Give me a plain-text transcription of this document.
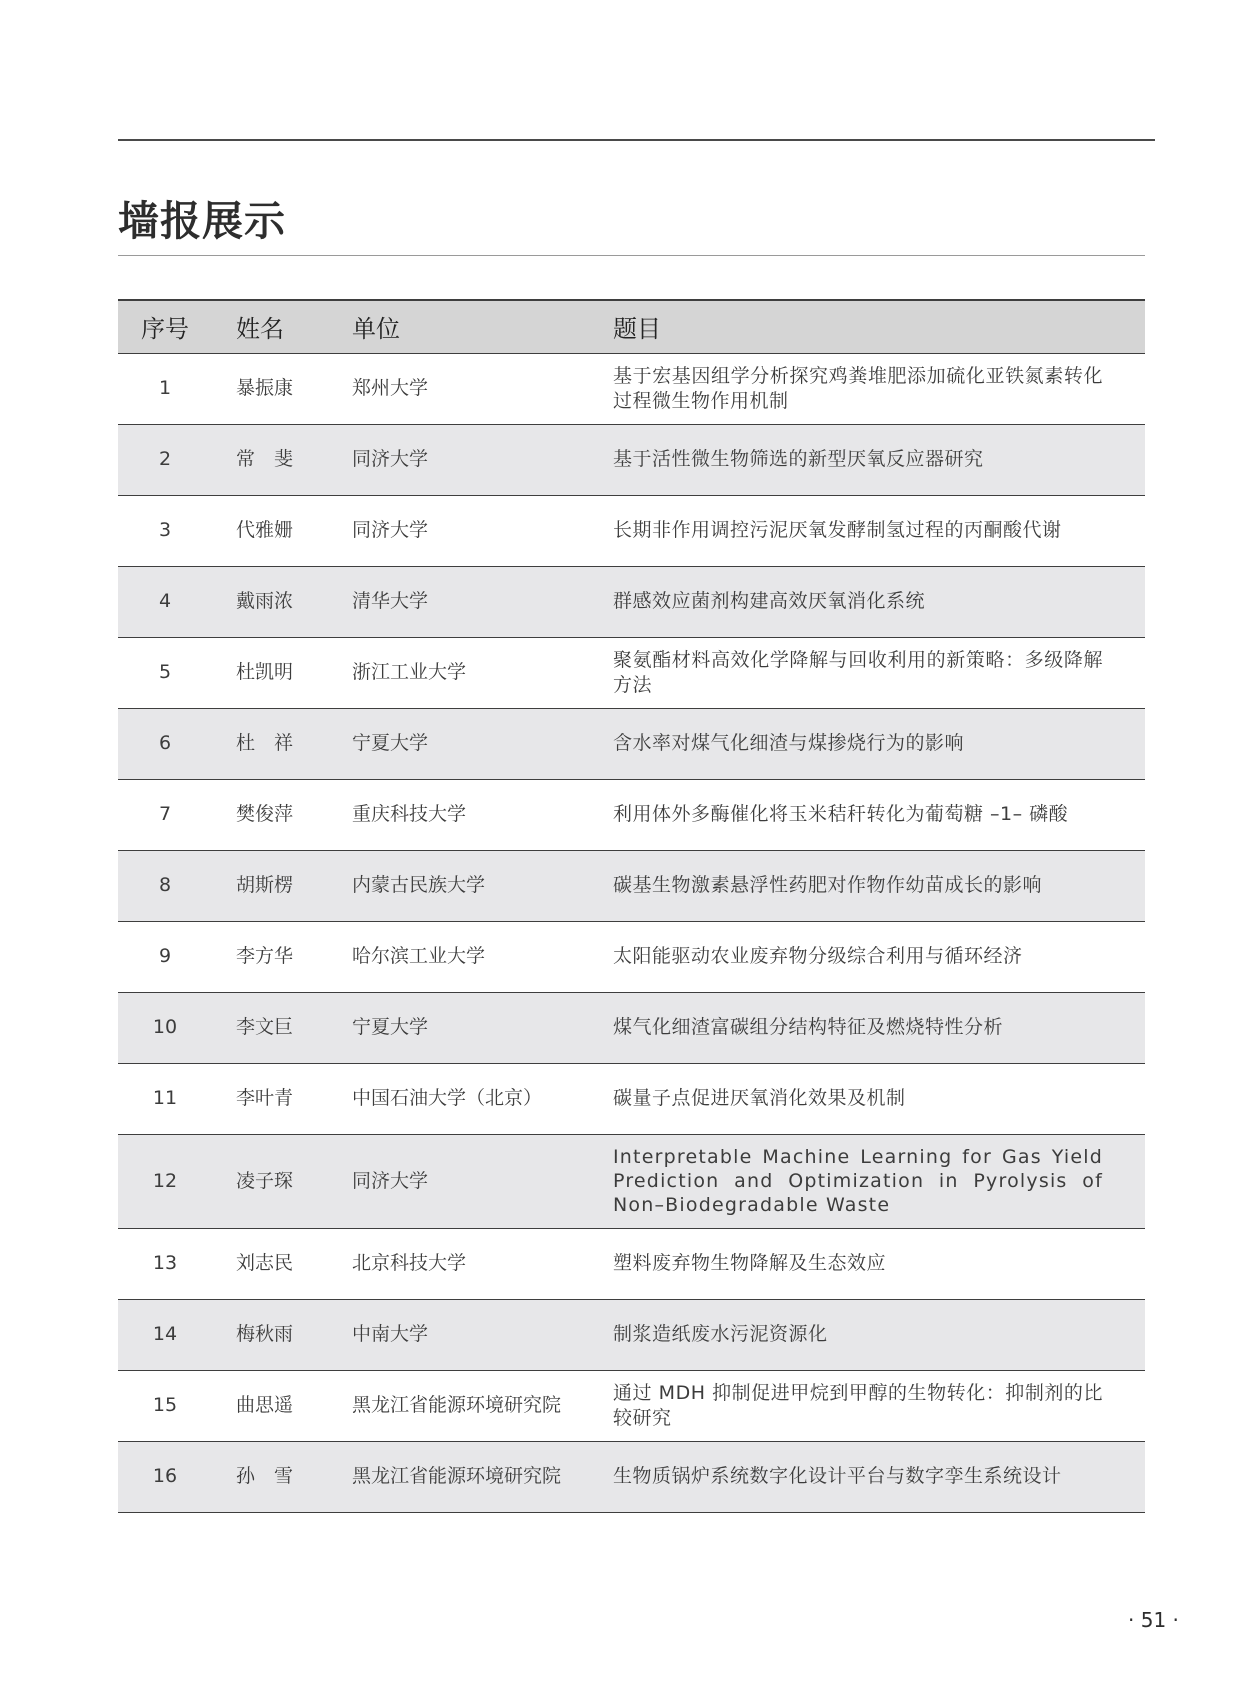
墙报展示
序号	姓名	单位	题目
1	暴振康	郑州大学	基于宏基因组学分析探究鸡粪堆肥添加硫化亚铁氮素转化过程微生物作用机制

2	常　斐	同济大学	基于活性微生物筛选的新型厌氧反应器研究

3	代雅姗	同济大学	长期非作用调控污泥厌氧发酵制氢过程的丙酮酸代谢

4	戴雨浓	清华大学	群感效应菌剂构建高效厌氧消化系统

5	杜凯明	浙江工业大学	聚氨酯材料高效化学降解与回收利用的新策略：多级降解方法

6	杜　祥	宁夏大学	含水率对煤气化细渣与煤掺烧行为的影响

7	樊俊萍	重庆科技大学	利用体外多酶催化将玉米秸秆转化为葡萄糖 –1– 磷酸

8	胡斯楞	内蒙古民族大学	碳基生物激素悬浮性药肥对作物作幼苗成长的影响

9	李方华	哈尔滨工业大学	太阳能驱动农业废弃物分级综合利用与循环经济

10	李文巨	宁夏大学	煤气化细渣富碳组分结构特征及燃烧特性分析

11	李叶青	中国石油大学（北京）	碳量子点促进厌氧消化效果及机制

12	凌子琛	同济大学	Interpretable Machine Learning for Gas Yield Prediction and Optimization in Pyrolysis of Non–Biodegradable Waste

13	刘志民	北京科技大学	塑料废弃物生物降解及生态效应

14	梅秋雨	中南大学	制浆造纸废水污泥资源化

15	曲思遥	黑龙江省能源环境研究院	通过 MDH 抑制促进甲烷到甲醇的生物转化：抑制剂的比较研究

16	孙　雪	黑龙江省能源环境研究院	生物质锅炉系统数字化设计平台与数字孪生系统设计
· 51 ·
